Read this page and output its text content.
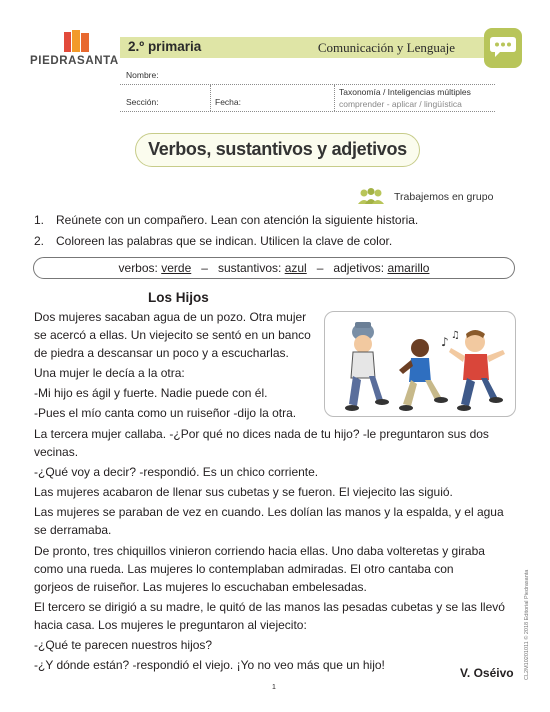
PIEDRASANTA
2.º primaria	Comunicación y Lenguaje
Nombre:
Sección:	Fecha:
Taxonomía / Inteligencias múltiples
comprender - aplicar / lingüística
Verbos, sustantivos y adjetivos
Trabajemos en grupo
1. Reúnete con un compañero. Lean con atención la siguiente historia.
2. Coloreen las palabras que se indican. Utilicen la clave de color.
verbos: verde – sustantivos: azul – adjetivos: amarillo
Los Hijos
Dos mujeres sacaban agua de un pozo. Otra mujer
se acercó a ellas. Un viejecito se sentó en un banco
de piedra a descansar un poco y a escucharlas.
Una mujer le decía a la otra:
-Mi hijo es ágil y fuerte. Nadie puede con él.
-Pues el mío canta como un ruiseñor -dijo la otra.
La tercera mujer callaba. -¿Por qué no dices nada de tu hijo? -le preguntaron sus dos
vecinas.
-¿Qué voy a decir? -respondió. Es un chico corriente.
Las mujeres acabaron de llenar sus cubetas y se fueron. El viejecito las siguió.
Las mujeres se paraban de vez en cuando. Les dolían las manos y la espalda, y el agua
se derramaba.
De pronto, tres chiquillos vinieron corriendo hacia ellas. Uno daba volteretas y giraba
como una rueda. Las mujeres lo contemplaban admiradas. El otro cantaba con
gorjeos de ruiseñor. Las mujeres lo escuchaban embelesadas.
El tercero se dirigió a su madre, le quitó de las manos las pesadas cubetas y se las llevó
hacia casa. Los mujeres le preguntaron al viejecito:
-¿Qué te parecen nuestros hijos?
-¿Y dónde están? -respondió el viejo. ¡Yo no veo más que un hijo!
♪ ♫
V. Oséivo
1
CL2M10201011 © 2018 Editorial Piedrasanta
